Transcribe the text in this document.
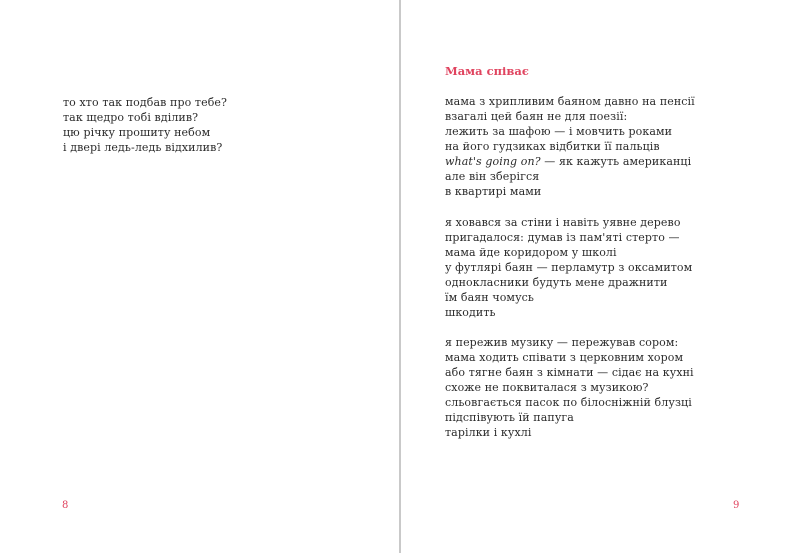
то хто так подбав про тебе?
так щедро тобі вділив?
цю річку прошиту небом
і двері ледь-ледь відхилив?
8
Мама співає
мама з хрипливим баяном давно на пенсії
взагалі цей баян не для поезії:
лежить за шафою — і мовчить роками
на його гудзиках відбитки її пальців
what's going on? — як кажуть американці
але він зберігся
в квартирі мами
я ховався за стіни і навіть уявне дерево
пригадалося: думав із пам'яті стерто —
мама йде коридором у школі
у футлярі баян — перламутр з оксамитом
однокласники будуть мене дражнити
їм баян чомусь
шкодить
я пережив музику — пережував сором:
мама ходить співати з церковним хором
або тягне баян з кімнати — сідає на кухні
схоже не поквиталася з музикою?
сльовгається пасок по білосніжній блузці
підспівують їй папуга
тарілки і кухлі
9
